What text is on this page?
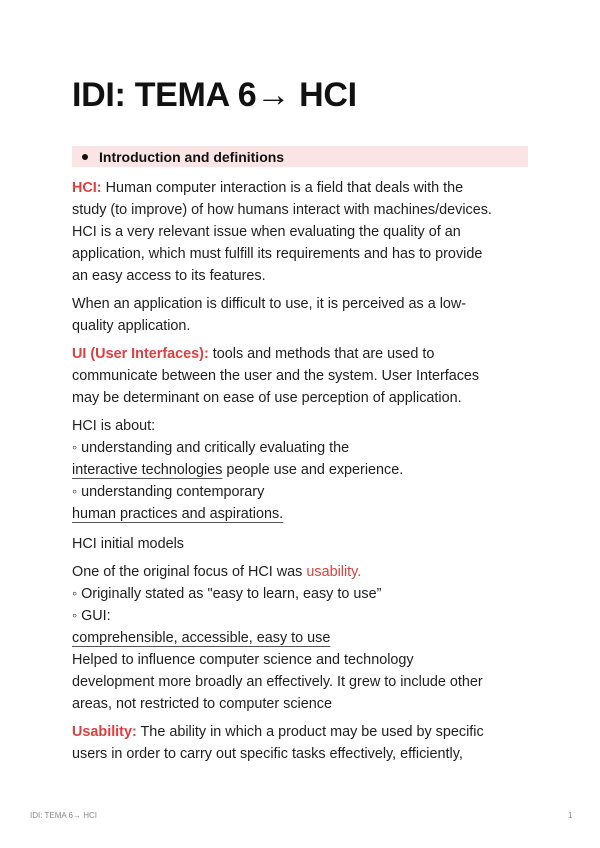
IDI: TEMA 6→ HCI
Introduction and definitions
HCI: Human computer interaction is a field that deals with the
study (to improve) of how humans interact with machines/devices.
HCI is a very relevant issue when evaluating the quality of an
application, which must fulfill its requirements and has to provide
an easy access to its features.
When an application is difficult to use, it is perceived as a low-
quality application.
UI (User Interfaces): tools and methods that are used to
communicate between the user and the system. User Interfaces
may be determinant on ease of use perception of application.
HCI is about:
◦ understanding and critically evaluating the
interactive technologies people use and experience.
◦ understanding contemporary
human practices and aspirations.
HCI initial models
One of the original focus of HCI was usability.
◦ Originally stated as "easy to learn, easy to use”
◦ GUI:
comprehensible, accessible, easy to use
Helped to influence computer science and technology
development more broadly an effectively. It grew to include other
areas, not restricted to computer science
Usability: The ability in which a product may be used by specific
users in order to carry out specific tasks effectively, efficiently,
IDI: TEMA 6→ HCI	1
